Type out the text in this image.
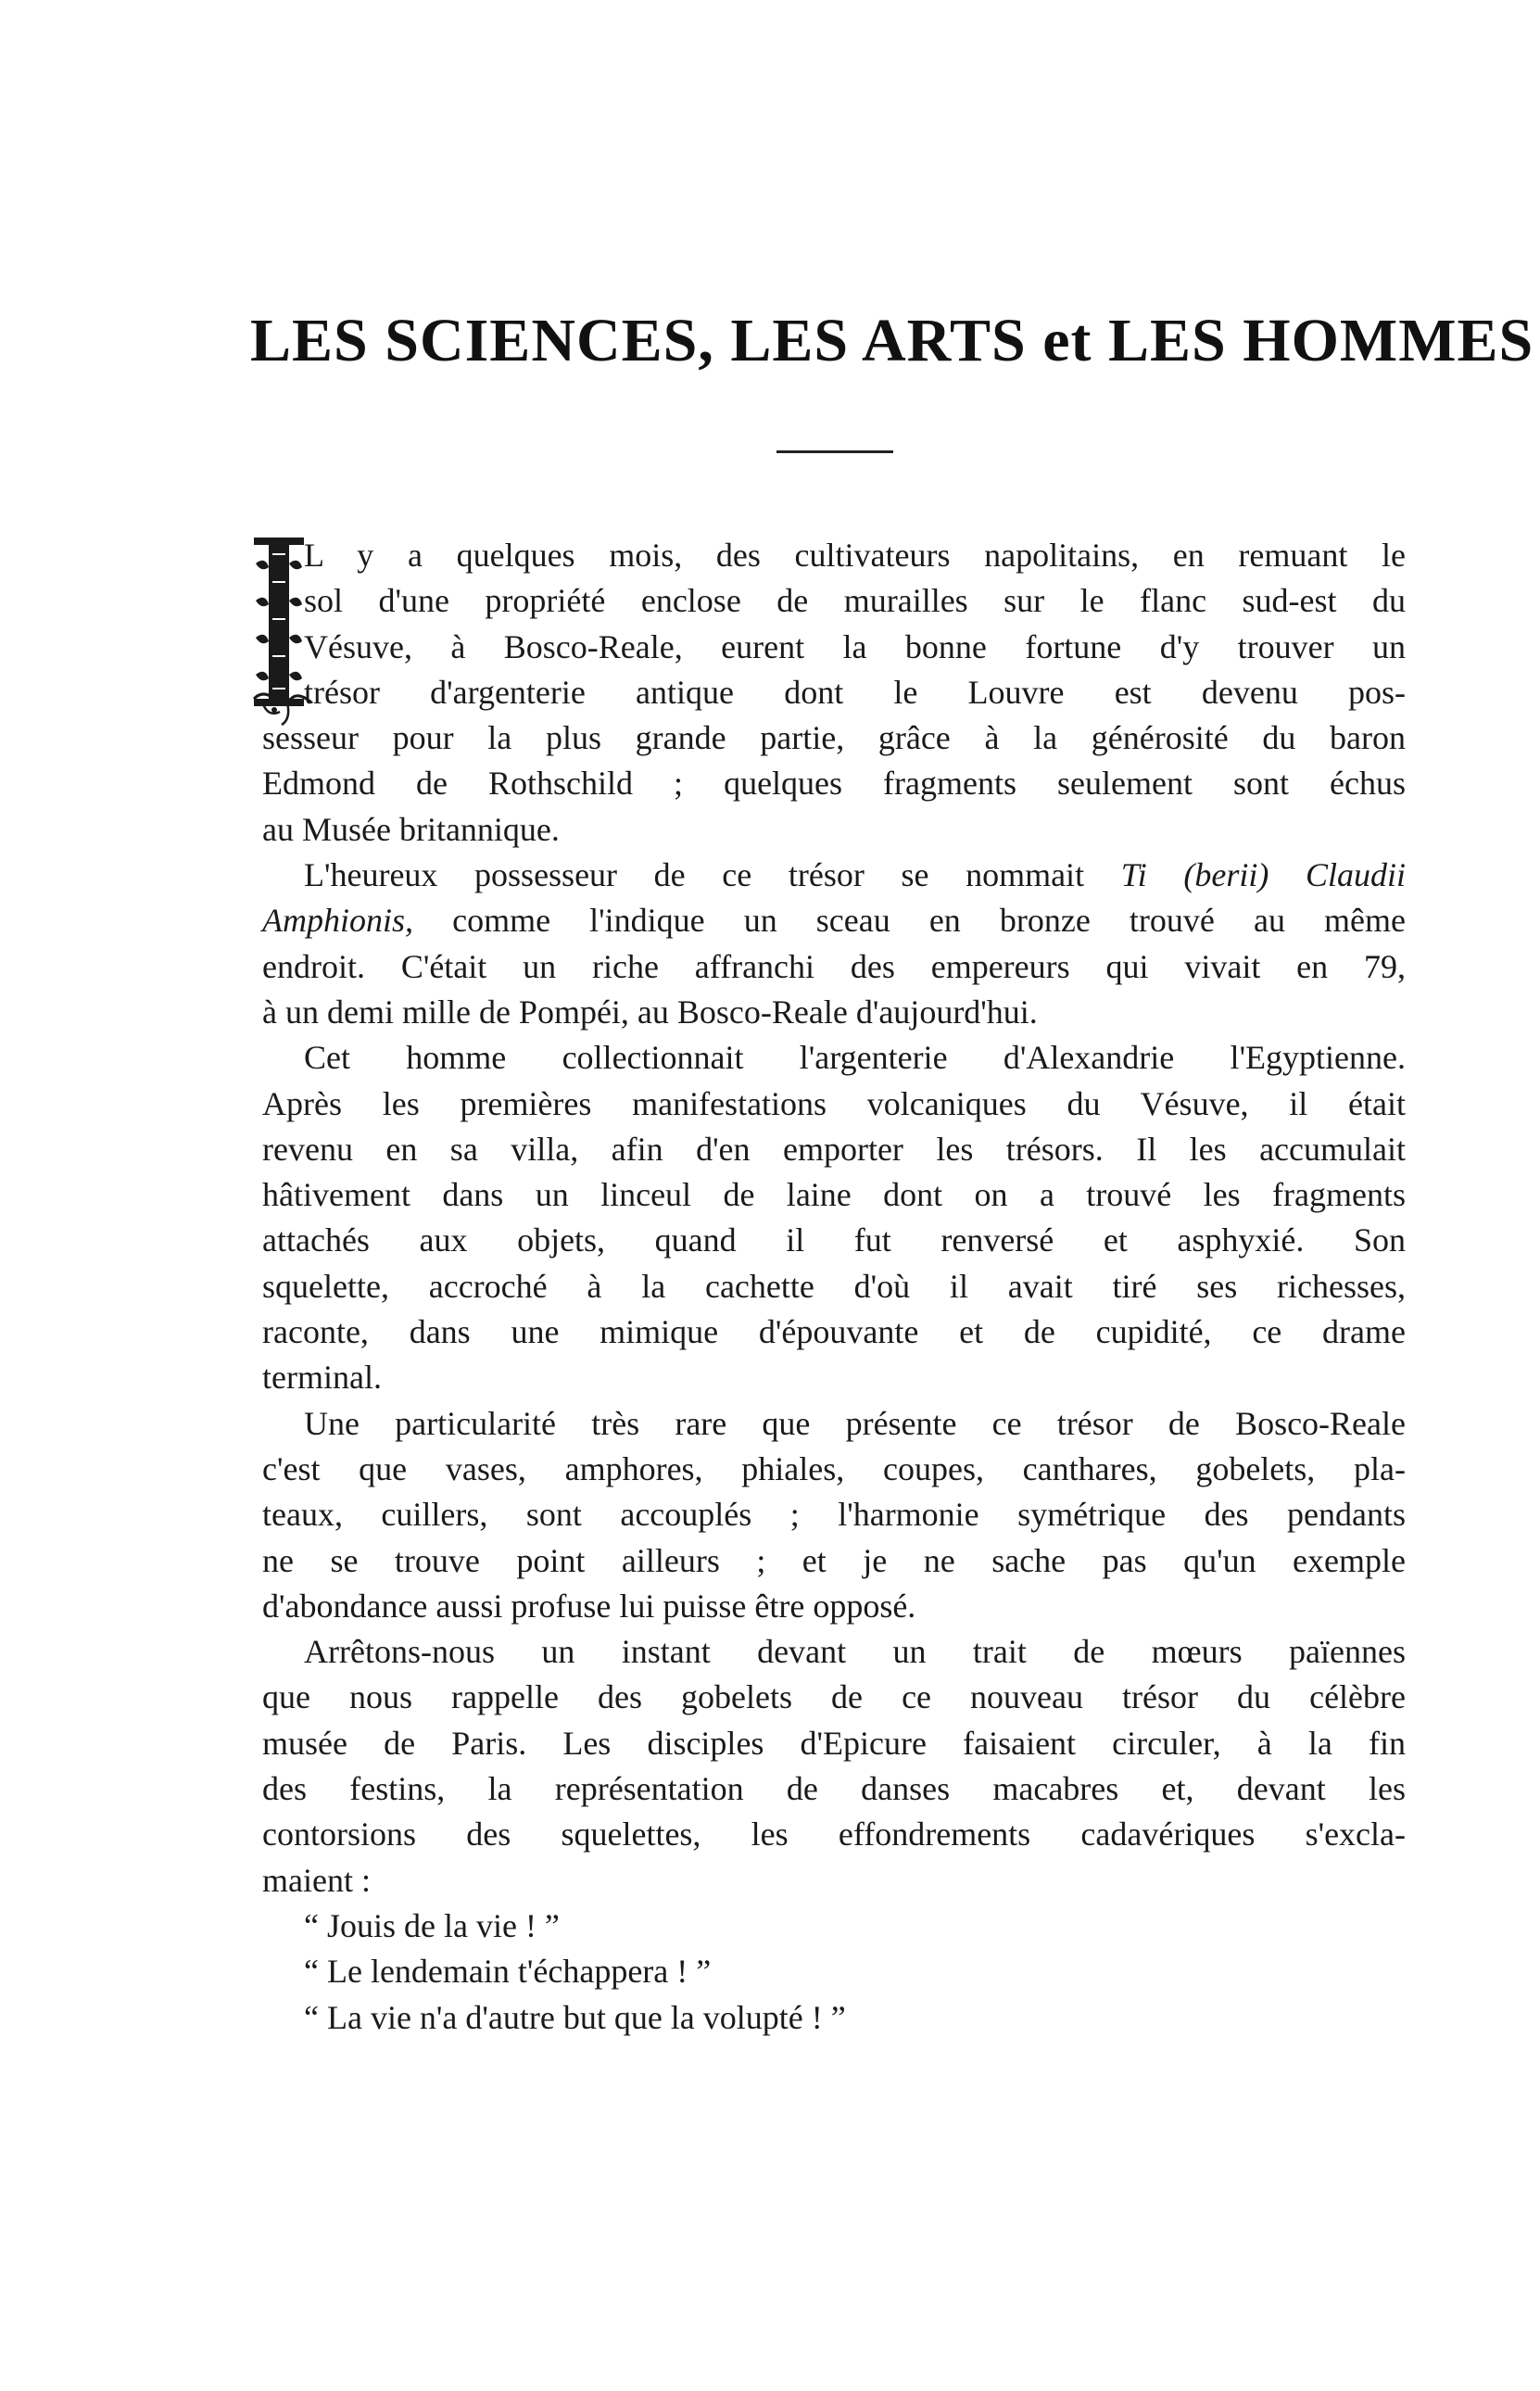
LES SCIENCES, LES ARTS et LES HOMMES
L y a quelques mois, des cultivateurs napolitains, en remuant le
sol d'une propriété enclose de murailles sur le flanc sud-est du
Vésuve, à Bosco-Reale, eurent la bonne fortune d'y trouver un
trésor d'argenterie antique dont le Louvre est devenu pos-
sesseur pour la plus grande partie, grâce à la générosité du baron
Edmond de Rothschild ; quelques fragments seulement sont échus
au Musée britannique.
L'heureux possesseur de ce trésor se nommait Ti (berii) Claudii
Amphionis, comme l'indique un sceau en bronze trouvé au même
endroit. C'était un riche affranchi des empereurs qui vivait en 79,
à un demi mille de Pompéi, au Bosco-Reale d'aujourd'hui.
Cet homme collectionnait l'argenterie d'Alexandrie l'Egyptienne.
Après les premières manifestations volcaniques du Vésuve, il était
revenu en sa villa, afin d'en emporter les trésors. Il les accumulait
hâtivement dans un linceul de laine dont on a trouvé les fragments
attachés aux objets, quand il fut renversé et asphyxié. Son
squelette, accroché à la cachette d'où il avait tiré ses richesses,
raconte, dans une mimique d'épouvante et de cupidité, ce drame
terminal.
Une particularité très rare que présente ce trésor de Bosco-Reale
c'est que vases, amphores, phiales, coupes, canthares, gobelets, pla-
teaux, cuillers, sont accouplés ; l'harmonie symétrique des pendants
ne se trouve point ailleurs ; et je ne sache pas qu'un exemple
d'abondance aussi profuse lui puisse être opposé.
Arrêtons-nous un instant devant un trait de mœurs païennes
que nous rappelle des gobelets de ce nouveau trésor du célèbre
musée de Paris. Les disciples d'Epicure faisaient circuler, à la fin
des festins, la représentation de danses macabres et, devant les
contorsions des squelettes, les effondrements cadavériques s'excla-
maient :
“ Jouis de la vie ! ”
“ Le lendemain t'échappera ! ”
“ La vie n'a d'autre but que la volupté ! ”
